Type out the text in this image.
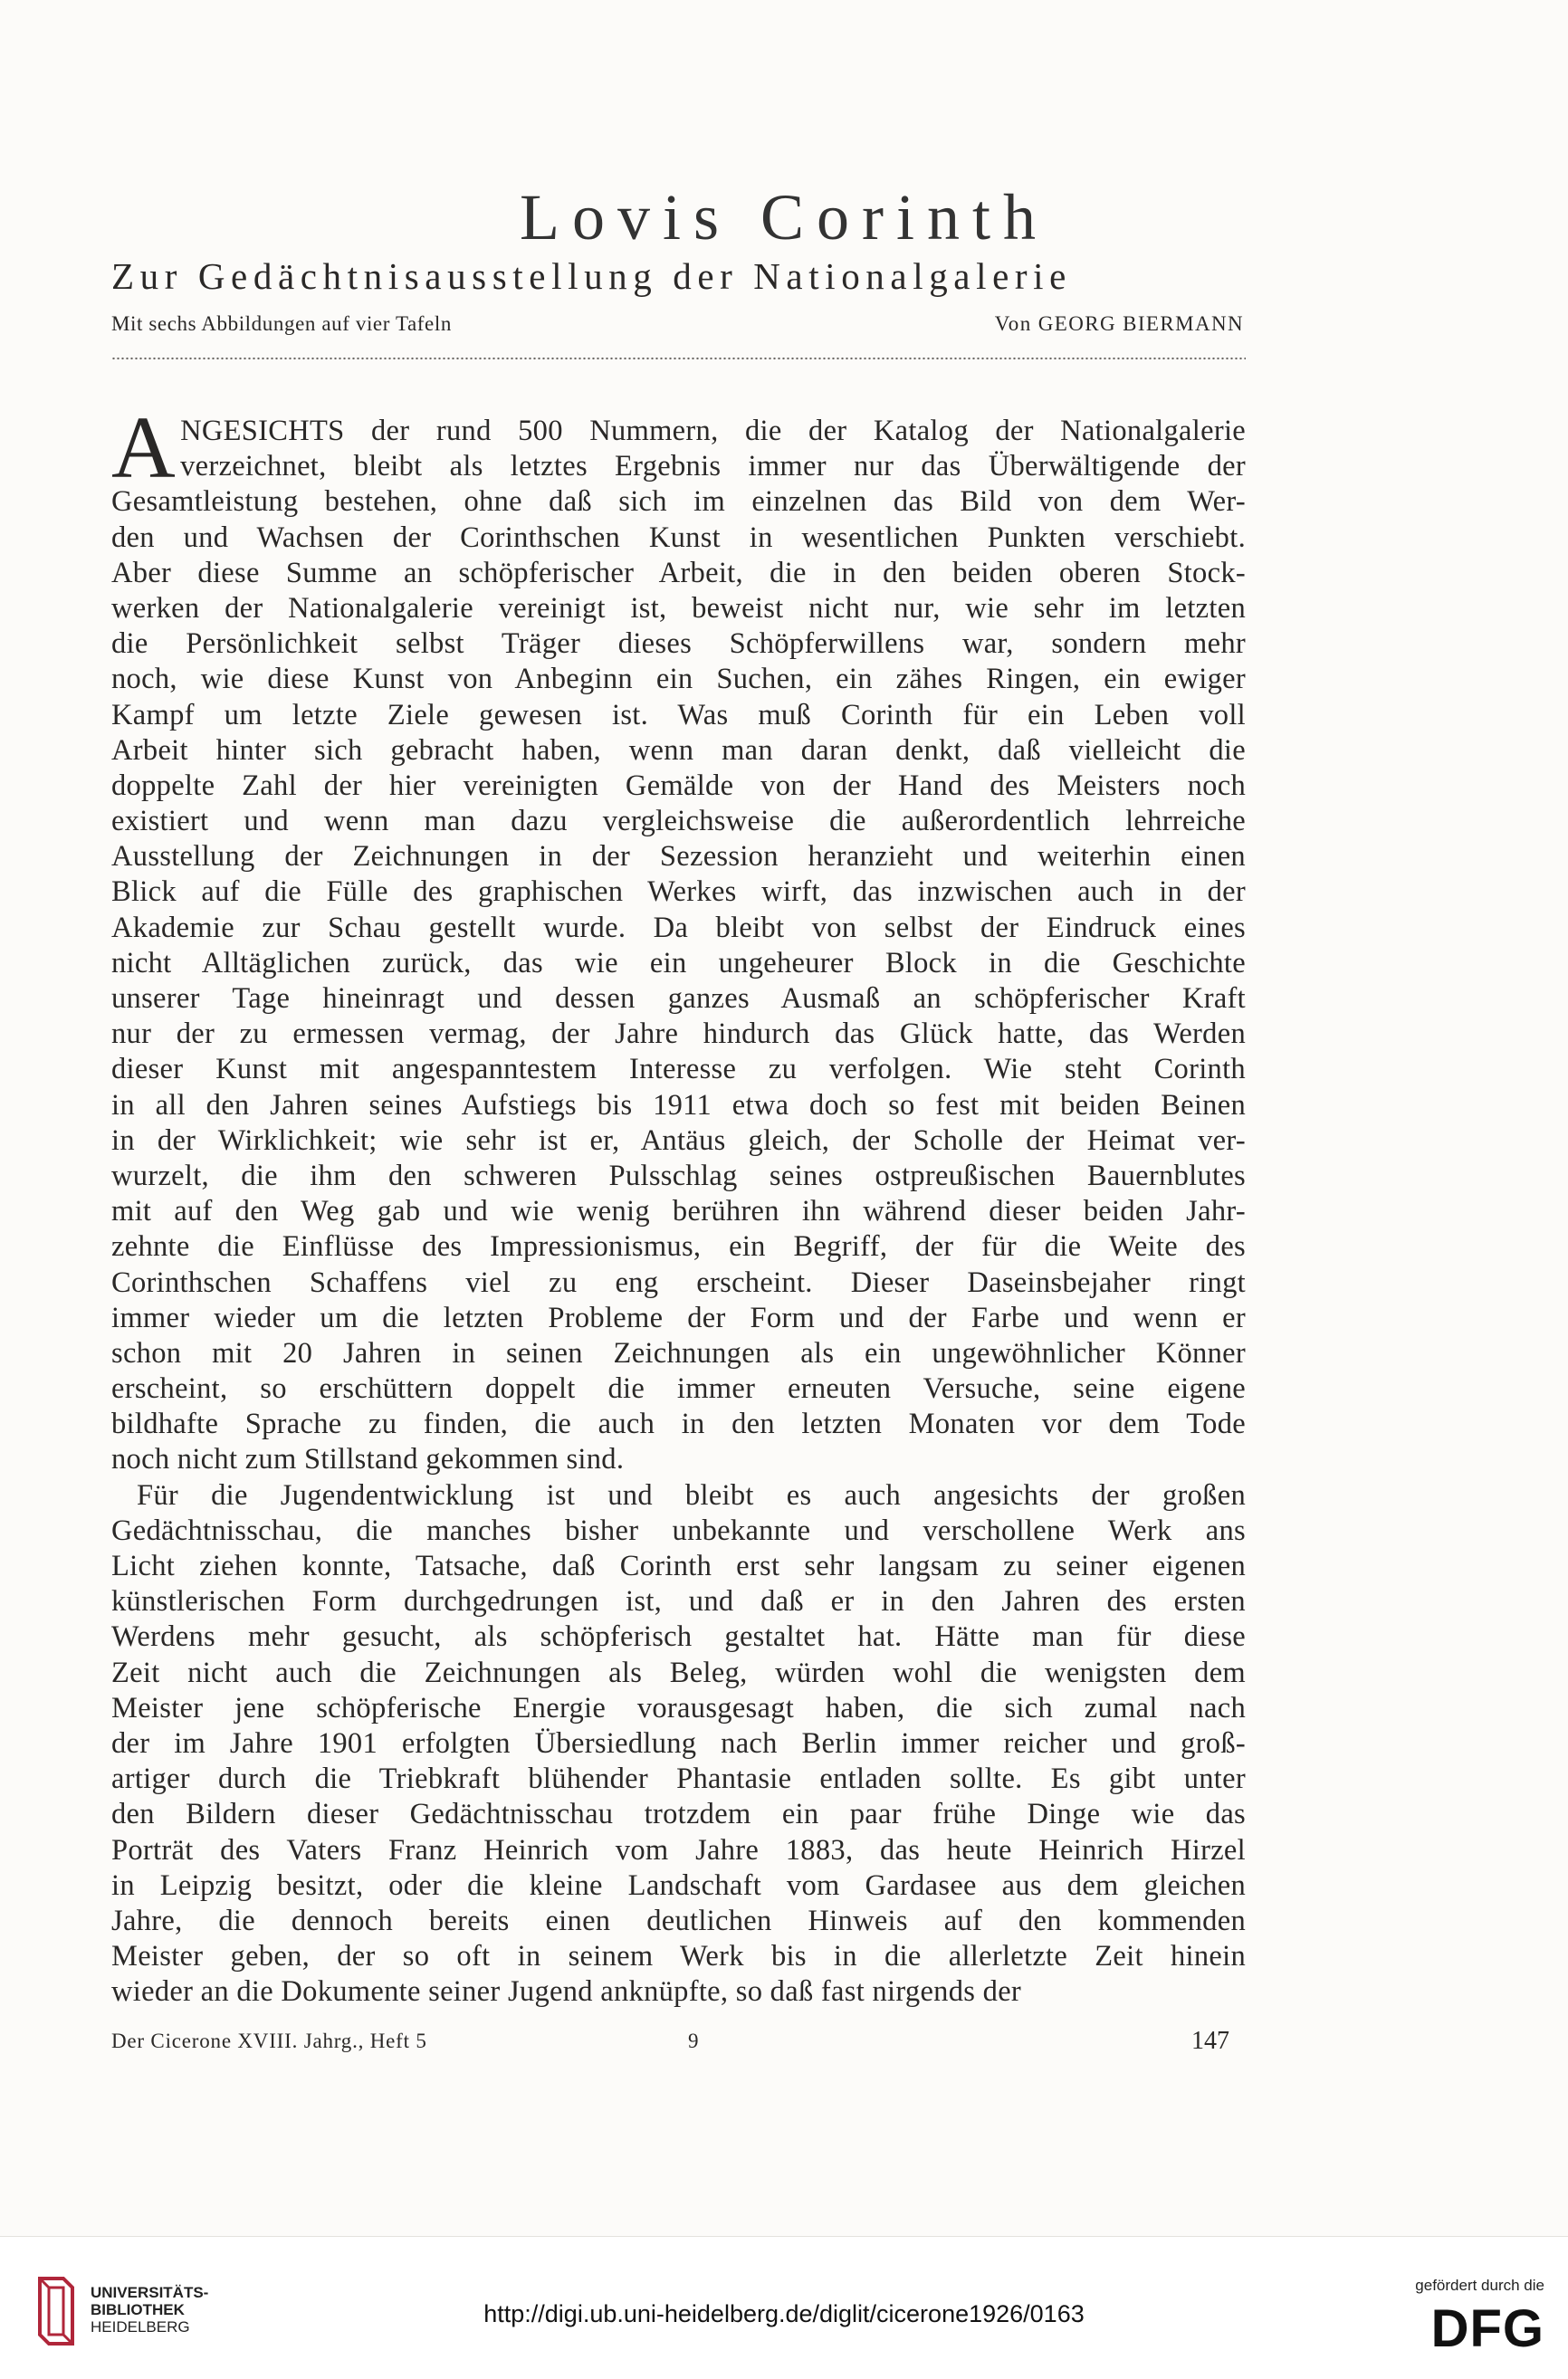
Lovis Corinth
Zur Gedächtnisausstellung der Nationalgalerie
Mit sechs Abbildungen auf vier Tafeln	Von GEORG BIERMANN
A NGESICHTS der rund 500 Nummern, die der Katalog der Nationalgalerie
verzeichnet, bleibt als letztes Ergebnis immer nur das Überwältigende der
Gesamtleistung bestehen, ohne daß sich im einzelnen das Bild von dem Wer-
den und Wachsen der Corinthschen Kunst in wesentlichen Punkten verschiebt.
Aber diese Summe an schöpferischer Arbeit, die in den beiden oberen Stock-
werken der Nationalgalerie vereinigt ist, beweist nicht nur, wie sehr im letzten
die Persönlichkeit selbst Träger dieses Schöpferwillens war, sondern mehr
noch, wie diese Kunst von Anbeginn ein Suchen, ein zähes Ringen, ein ewiger
Kampf um letzte Ziele gewesen ist. Was muß Corinth für ein Leben voll
Arbeit hinter sich gebracht haben, wenn man daran denkt, daß vielleicht die
doppelte Zahl der hier vereinigten Gemälde von der Hand des Meisters noch
existiert und wenn man dazu vergleichsweise die außerordentlich lehrreiche
Ausstellung der Zeichnungen in der Sezession heranzieht und weiterhin einen
Blick auf die Fülle des graphischen Werkes wirft, das inzwischen auch in der
Akademie zur Schau gestellt wurde. Da bleibt von selbst der Eindruck eines
nicht Alltäglichen zurück, das wie ein ungeheurer Block in die Geschichte
unserer Tage hineinragt und dessen ganzes Ausmaß an schöpferischer Kraft
nur der zu ermessen vermag, der Jahre hindurch das Glück hatte, das Werden
dieser Kunst mit angespanntestem Interesse zu verfolgen. Wie steht Corinth
in all den Jahren seines Aufstiegs bis 1911 etwa doch so fest mit beiden Beinen
in der Wirklichkeit; wie sehr ist er, Antäus gleich, der Scholle der Heimat ver-
wurzelt, die ihm den schweren Pulsschlag seines ostpreußischen Bauernblutes
mit auf den Weg gab und wie wenig berühren ihn während dieser beiden Jahr-
zehnte die Einflüsse des Impressionismus, ein Begriff, der für die Weite des
Corinthschen Schaffens viel zu eng erscheint. Dieser Daseinsbejaher ringt
immer wieder um die letzten Probleme der Form und der Farbe und wenn er
schon mit 20 Jahren in seinen Zeichnungen als ein ungewöhnlicher Könner
erscheint, so erschüttern doppelt die immer erneuten Versuche, seine eigene
bildhafte Sprache zu finden, die auch in den letzten Monaten vor dem Tode
noch nicht zum Stillstand gekommen sind.
Für die Jugendentwicklung ist und bleibt es auch angesichts der großen
Gedächtnisschau, die manches bisher unbekannte und verschollene Werk ans
Licht ziehen konnte, Tatsache, daß Corinth erst sehr langsam zu seiner eigenen
künstlerischen Form durchgedrungen ist, und daß er in den Jahren des ersten
Werdens mehr gesucht, als schöpferisch gestaltet hat. Hätte man für diese
Zeit nicht auch die Zeichnungen als Beleg, würden wohl die wenigsten dem
Meister jene schöpferische Energie vorausgesagt haben, die sich zumal nach
der im Jahre 1901 erfolgten Übersiedlung nach Berlin immer reicher und groß-
artiger durch die Triebkraft blühender Phantasie entladen sollte. Es gibt unter
den Bildern dieser Gedächtnisschau trotzdem ein paar frühe Dinge wie das
Porträt des Vaters Franz Heinrich vom Jahre 1883, das heute Heinrich Hirzel
in Leipzig besitzt, oder die kleine Landschaft vom Gardasee aus dem gleichen
Jahre, die dennoch bereits einen deutlichen Hinweis auf den kommenden
Meister geben, der so oft in seinem Werk bis in die allerletzte Zeit hinein
wieder an die Dokumente seiner Jugend anknüpfte, so daß fast nirgends der
Der Cicerone XVIII. Jahrg., Heft 5	9	147
UNIVERSITÄTS-
BIBLIOTHEK
HEIDELBERG	http://digi.ub.uni-heidelberg.de/diglit/cicerone1926/0163
gefördert durch die
DFG
